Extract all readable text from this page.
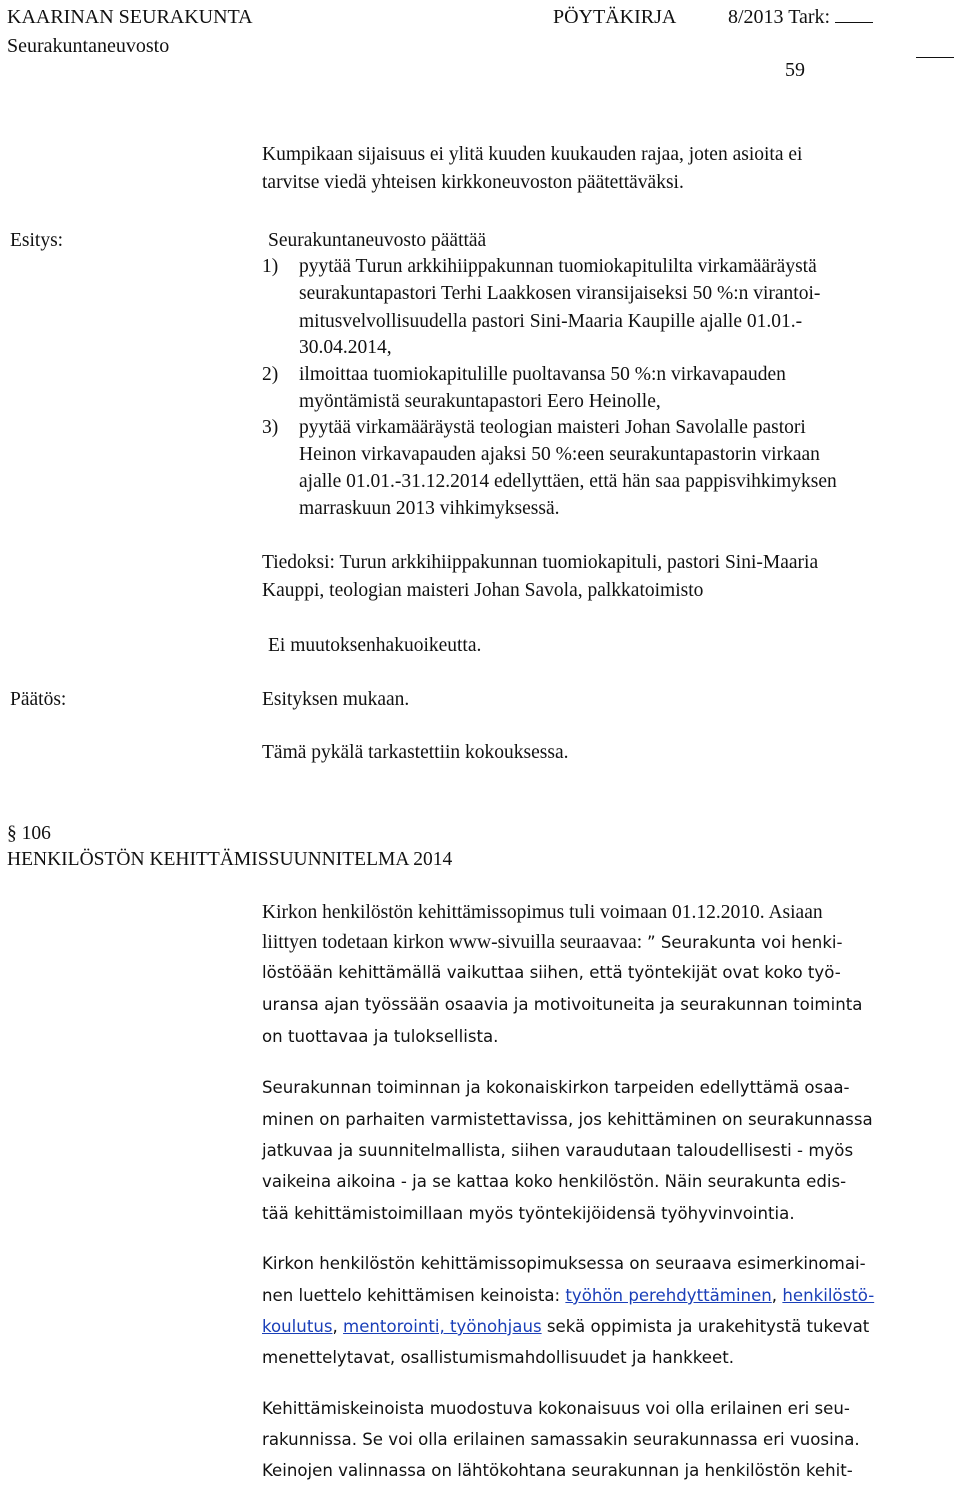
KAARINAN SEURAKUNTA	PÖYTÄKIRJA	8/2013 Tark:
Seurakuntaneuvosto
59
Kumpikaan sijaisuus ei ylitä kuuden kuukauden rajaa, joten asioita ei
tarvitse viedä yhteisen kirkkoneuvoston päätettäväksi.
Esitys:	Seurakuntaneuvosto päättää
1) pyytää Turun arkkihiippakunnan tuomiokapitulilta virkamääräystä
seurakuntapastori Terhi Laakkosen viransijaiseksi 50 %:n virantoi-
mitusvelvollisuudella pastori Sini-Maaria Kaupille ajalle 01.01.-
30.04.2014,
2) ilmoittaa tuomiokapitulille puoltavansa 50 %:n virkavapauden
myöntämistä seurakuntapastori Eero Heinolle,
3) pyytää virkamääräystä teologian maisteri Johan Savolalle pastori
Heinon virkavapauden ajaksi 50 %:een seurakuntapastorin virkaan
ajalle 01.01.-31.12.2014 edellyttäen, että hän saa pappisvihkimyksen
marraskuun 2013 vihkimyksessä.
Tiedoksi: Turun arkkihiippakunnan tuomiokapituli, pastori Sini-Maaria
Kauppi, teologian maisteri Johan Savola, palkkatoimisto
Ei muutoksenhakuoikeutta.
Päätös:	Esityksen mukaan.
Tämä pykälä tarkastettiin kokouksessa.
§ 106
HENKILÖSTÖN KEHITTÄMISSUUNNITELMA 2014
Kirkon henkilöstön kehittämissopimus tuli voimaan 01.12.2010. Asiaan
liittyen todetaan kirkon www-sivuilla seuraavaa: ” Seurakunta voi henki-
löstöään kehittämällä vaikuttaa siihen, että työntekijät ovat koko työ-
uransa ajan työssään osaavia ja motivoituneita ja seurakunnan toiminta
on tuottavaa ja tuloksellista.
Seurakunnan toiminnan ja kokonaiskirkon tarpeiden edellyttämä osaa-
minen on parhaiten varmistettavissa, jos kehittäminen on seurakunnassa
jatkuvaa ja suunnitelmallista, siihen varaudutaan taloudellisesti - myös
vaikeina aikoina - ja se kattaa koko henkilöstön. Näin seurakunta edis-
tää kehittämistoimillaan myös työntekijöidensä työhyvinvointia.
Kirkon henkilöstön kehittämissopimuksessa on seuraava esimerkinomai-
nen luettelo kehittämisen keinoista: työhön perehdyttäminen, henkilöstö-
koulutus, mentorointi, työnohjaus sekä oppimista ja urakehitystä tukevat
menettelytavat, osallistumismahdollisuudet ja hankkeet.
Kehittämiskeinoista muodostuva kokonaisuus voi olla erilainen eri seu-
rakunnissa. Se voi olla erilainen samassakin seurakunnassa eri vuosina.
Keinojen valinnassa on lähtökohtana seurakunnan ja henkilöstön kehit-
